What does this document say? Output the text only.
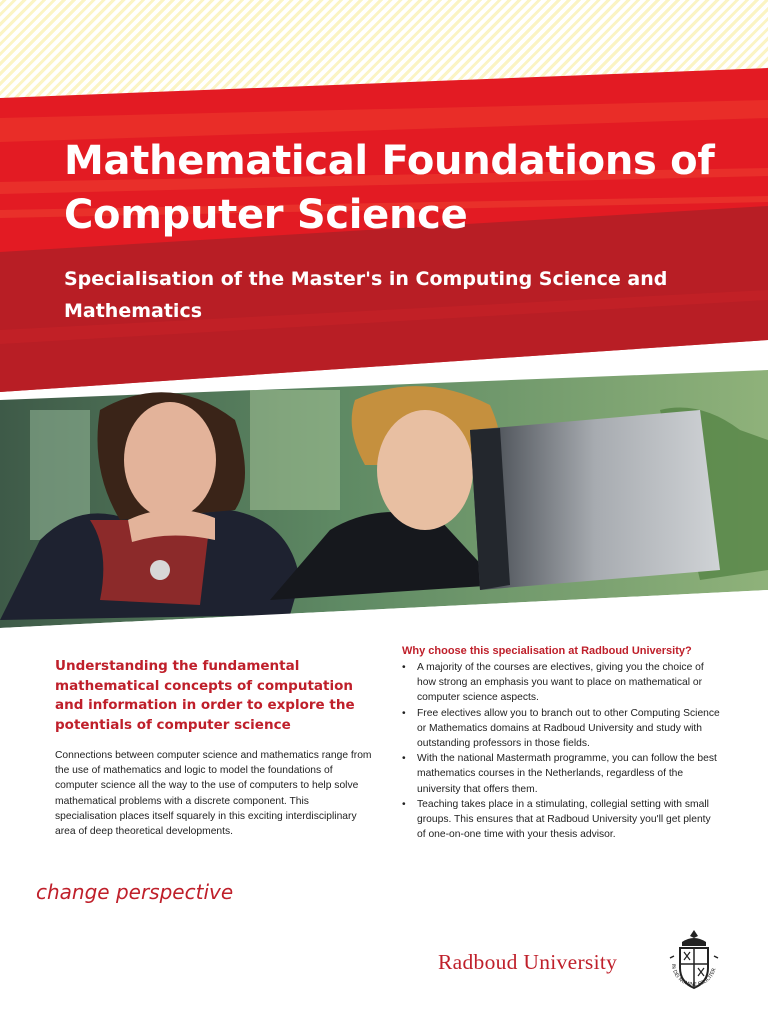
Mathematical Foundations of Computer Science
Specialisation of the Master's in Computing Science and Mathematics
Understanding the fundamental mathematical concepts of computation and information in order to explore the potentials of computer science

Connections between computer science and mathematics range from the use of mathematics and logic to model the foundations of computer science all the way to the use of computers to help solve mathematical problems with a discrete component. This specialisation places itself squarely in this exciting interdisciplinary area of deep theoretical developments.

Why choose this specialisation at Radboud University?
• A majority of the courses are electives, giving you the choice of how strong an emphasis you want to place on mathematical or computer science aspects.
• Free electives allow you to branch out to other Computing Science or Mathematics domains at Radboud University and study with outstanding professors in those fields.
• With the national Mastermath programme, you can follow the best mathematics courses in the Netherlands, regardless of the university that offers them.
• Teaching takes place in a stimulating, collegial setting with small groups. This ensures that at Radboud University you'll get plenty of one-on-one time with your thesis advisor.

change perspective

Radboud University	IN DEI NOMINE FELICITER
